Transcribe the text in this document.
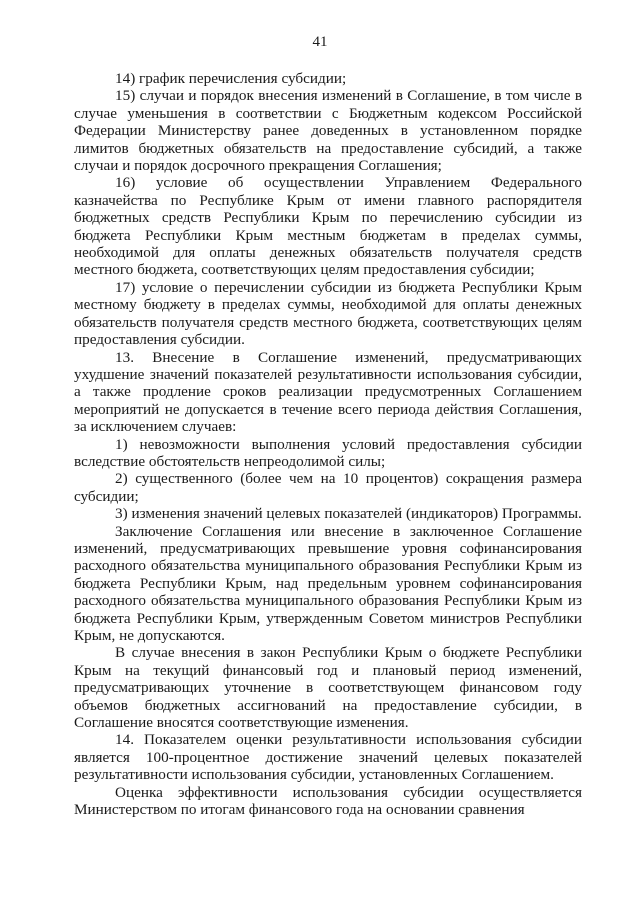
41

14) график перечисления субсидии;

15) случаи и порядок внесения изменений в Соглашение, в том числе в случае уменьшения в соответствии с Бюджетным кодексом Российской Федерации Министерству ранее доведенных в установленном порядке лимитов бюджетных обязательств на предоставление субсидий, а также случаи и порядок досрочного прекращения Соглашения;

16) условие об осуществлении Управлением Федерального казначейства по Республике Крым от имени главного распорядителя бюджетных средств Республики Крым по перечислению субсидии из бюджета Республики Крым местным бюджетам в пределах суммы, необходимой для оплаты денежных обязательств получателя средств местного бюджета, соответствующих целям предоставления субсидии;

17) условие о перечислении субсидии из бюджета Республики Крым местному бюджету в пределах суммы, необходимой для оплаты денежных обязательств получателя средств местного бюджета, соответствующих целям предоставления субсидии.

13. Внесение в Соглашение изменений, предусматривающих ухудшение значений показателей результативности использования субсидии, а также продление сроков реализации предусмотренных Соглашением мероприятий не допускается в течение всего периода действия Соглашения, за исключением случаев:

1) невозможности выполнения условий предоставления субсидии вследствие обстоятельств непреодолимой силы;

2) существенного (более чем на 10 процентов) сокращения размера субсидии;

3) изменения значений целевых показателей (индикаторов) Программы.

Заключение Соглашения или внесение в заключенное Соглашение изменений, предусматривающих превышение уровня софинансирования расходного обязательства муниципального образования Республики Крым из бюджета Республики Крым, над предельным уровнем софинансирования расходного обязательства муниципального образования Республики Крым из бюджета Республики Крым, утвержденным Советом министров Республики Крым, не допускаются.

В случае внесения в закон Республики Крым о бюджете Республики Крым на текущий финансовый год и плановый период изменений, предусматривающих уточнение в соответствующем финансовом году объемов бюджетных ассигнований на предоставление субсидии, в Соглашение вносятся соответствующие изменения.

14. Показателем оценки результативности использования субсидии является 100-процентное достижение значений целевых показателей результативности использования субсидии, установленных Соглашением.

Оценка эффективности использования субсидии осуществляется Министерством по итогам финансового года на основании сравнения
